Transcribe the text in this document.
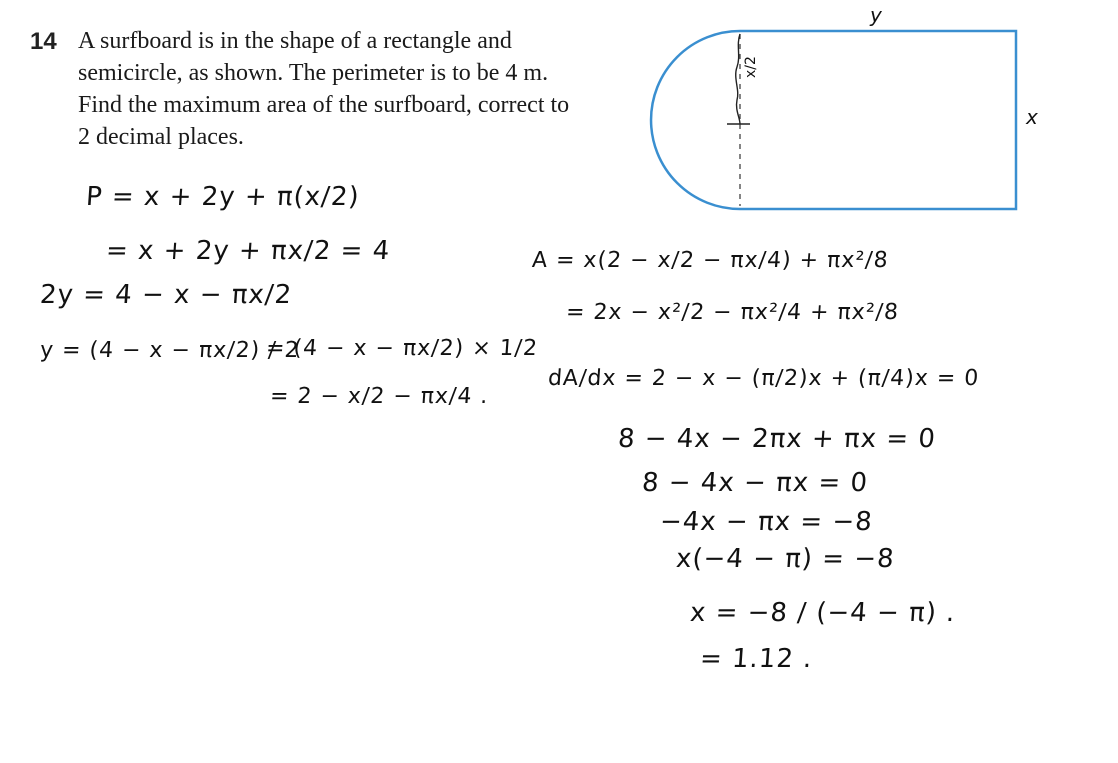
14 A surfboard is in the shape of a rectangle and
semicircle, as shown. The perimeter is to be 4 m.
Find the maximum area of the surfboard, correct to
2 decimal places.
y
x
x/2
P = x + 2y + π(x/2)
= x + 2y + πx/2 = 4
2y = 4 − x − πx/2
y = (4 − x − πx/2) / 2
= (4 − x − πx/2) × 1/2
= 2 − x/2 − πx/4 .
A = x(2 − x/2 − πx/4) + πx²/8
= 2x − x²/2 − πx²/4 + πx²/8
dA/dx = 2 − x − (π/2)x + (π/4)x = 0
8 − 4x − 2πx + πx = 0
8 − 4x − πx = 0
−4x − πx = −8
x(−4 − π) = −8
x = −8 / (−4 − π) .
= 1.12 .
